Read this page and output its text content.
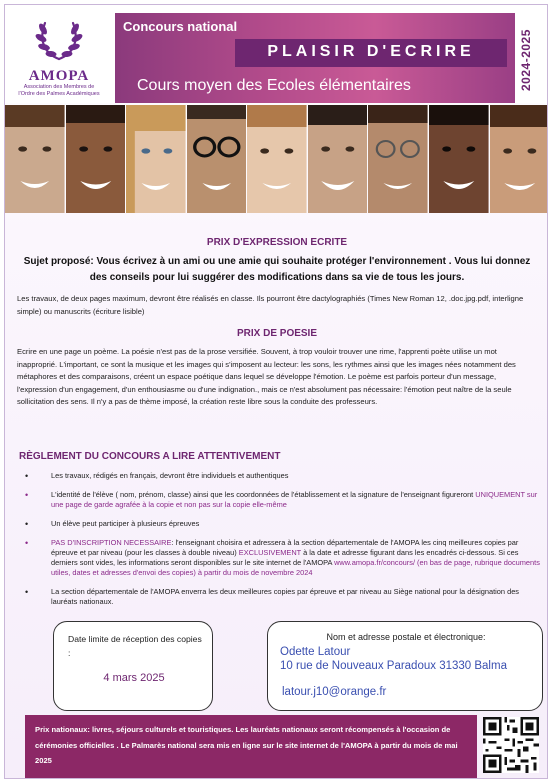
AMOPA
Association des Membres de
l'Ordre des Palmes Académiques
Concours national
PLAISIR D'ECRIRE
Cours moyen des Ecoles élémentaires	2024-2025
PRIX D'EXPRESSION ECRITE
Sujet proposé: Vous écrivez à un ami ou une amie qui souhaite protéger l'environnement . Vous lui donnez des conseils pour lui suggérer des modifications dans sa vie de tous les jours.
Les travaux, de deux pages maximum, devront être réalisés en classe. Ils pourront être dactylographiés (Times New Roman 12, .doc.jpg.pdf, interligne simple) ou manuscrits (écriture lisible)
PRIX DE POESIE
Ecrire en une page un poème. La poésie n'est pas de la prose versifiée. Souvent, à trop vouloir trouver une rime, l'apprenti poète utilise un mot inapproprié. L'important, ce sont la musique et les images qui s'imposent au lecteur: les sons, les rythmes ainsi que les images nées notamment des métaphores et des comparaisons, créent un espace poétique dans lequel se développe l'émotion. Le poème est parfois porteur d'un message, l'expression d'un engagement, d'un enthousiasme ou d'une indignation., mais ce n'est absolument pas nécessaire: l'émotion peut naître de la seule sollicitation des sens. Il n'y a pas de thème imposé, la création reste libre sous la conduite des professeurs.
RÈGLEMENT DU CONCOURS A LIRE ATTENTIVEMENT
•	Les travaux, rédigés en français, devront être individuels et authentiques
•	L'identité de l'élève ( nom, prénom, classe) ainsi que les coordonnées de l'établissement et la signature de l'enseignant figureront UNIQUEMENT sur une page de garde agrafée à la copie et non pas sur la copie elle-même
•	Un élève peut participer à plusieurs épreuves
•	PAS D'INSCRIPTION NECESSAIRE: l'enseignant choisira et adressera à la section départementale de l'AMOPA les cinq meilleures copies par épreuve et par niveau (pour les classes à double niveau) EXCLUSIVEMENT à la date et adresse figurant dans les encadrés ci-dessous. Si ces derniers sont vides, les informations seront disponibles sur le site internet de l'AMOPA www.amopa.fr/concours/ (en bas de page, rubrique documents utiles, dates et adresses d'envoi des copies) à partir du mois de novembre 2024
•	La section départementale de l'AMOPA enverra les deux meilleures copies par épreuve et par niveau au Siège national pour la désignation des lauréats nationaux.
Date limite de réception des copies :
4 mars 2025
Nom et adresse postale et électronique:
Odette Latour
10 rue de Nouveaux Paradoux 31330 Balma
latour.j10@orange.fr
Prix nationaux: livres, séjours culturels et touristiques. Les lauréats nationaux seront récompensés à l'occasion de cérémonies officielles . Le Palmarès national sera mis en ligne sur le site internet de l'AMOPA à partir du mois de mai 2025
